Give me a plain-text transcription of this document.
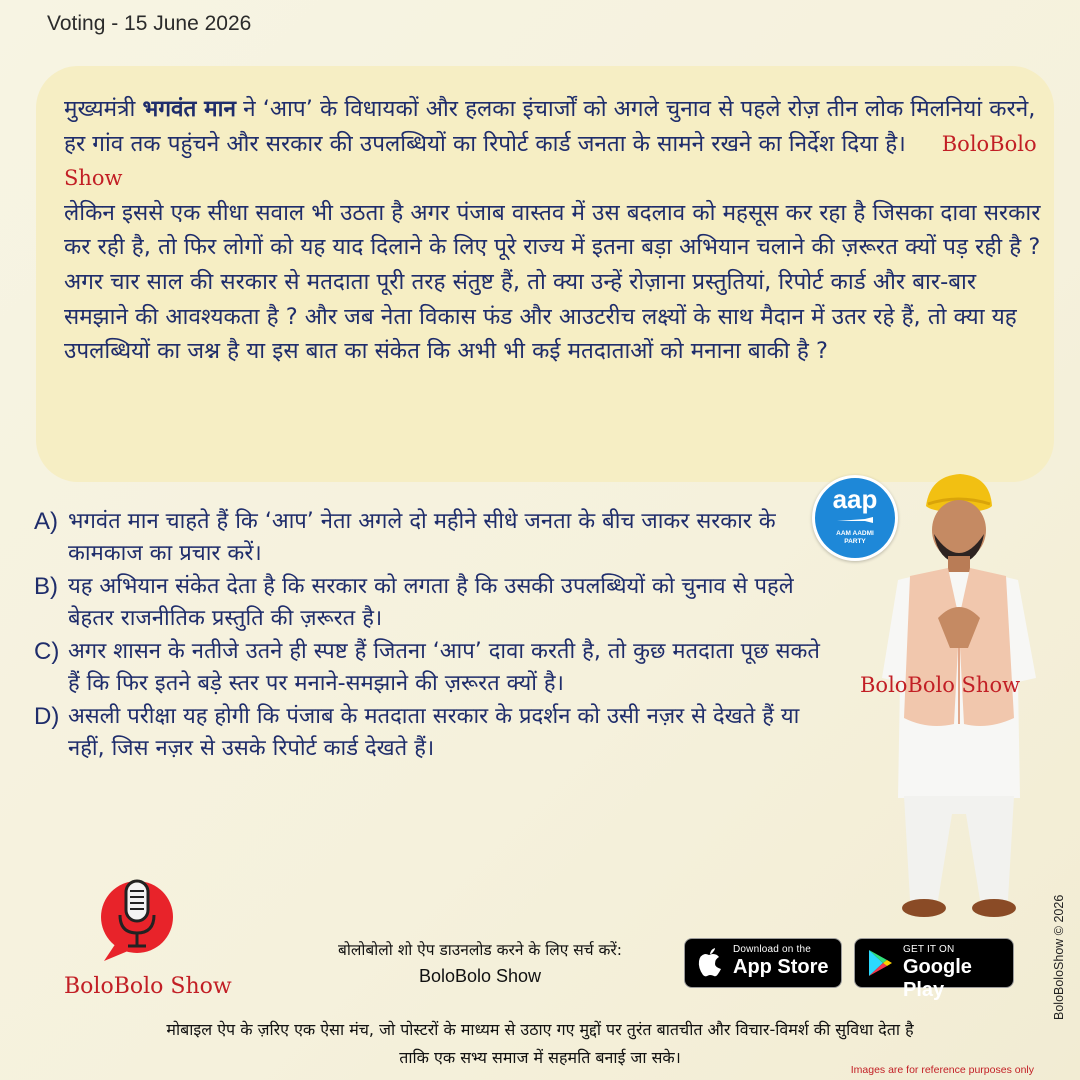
Voting - 15 June 2026

मुख्यमंत्री भगवंत मान ने ‘आप’ के विधायकों और हलका इंचार्जों को अगले चुनाव से पहले रोज़ तीन लोक मिलनियां करने, हर गांव तक पहुंचने और सरकार की उपलब्धियों का रिपोर्ट कार्ड जनता के सामने रखने का निर्देश दिया है। BoloBolo Show

लेकिन इससे एक सीधा सवाल भी उठता है अगर पंजाब वास्तव में उस बदलाव को महसूस कर रहा है जिसका दावा सरकार कर रही है, तो फिर लोगों को यह याद दिलाने के लिए पूरे राज्य में इतना बड़ा अभियान चलाने की ज़रूरत क्यों पड़ रही है ? अगर चार साल की सरकार से मतदाता पूरी तरह संतुष्ट हैं, तो क्या उन्हें रोज़ाना प्रस्तुतियां, रिपोर्ट कार्ड और बार-बार समझाने की आवश्यकता है ? और जब नेता विकास फंड और आउटरीच लक्ष्यों के साथ मैदान में उतर रहे हैं, तो क्या यह उपलब्धियों का जश्न है या इस बात का संकेत कि अभी भी कई मतदाताओं को मनाना बाकी है ?

A) भगवंत मान चाहते हैं कि ‘आप’ नेता अगले दो महीने सीधे जनता के बीच जाकर सरकार के कामकाज का प्रचार करें।
B) यह अभियान संकेत देता है कि सरकार को लगता है कि उसकी उपलब्धियों को चुनाव से पहले बेहतर राजनीतिक प्रस्तुति की ज़रूरत है।
C) अगर शासन के नतीजे उतने ही स्पष्ट हैं जितना ‘आप’ दावा करती है, तो कुछ मतदाता पूछ सकते हैं कि फिर इतने बड़े स्तर पर मनाने-समझाने की ज़रूरत क्यों है।
D) असली परीक्षा यह होगी कि पंजाब के मतदाता सरकार के प्रदर्शन को उसी नज़र से देखते हैं या नहीं, जिस नज़र से उसके रिपोर्ट कार्ड देखते हैं।
aap
AAM AADMI
PARTY
BoloBolo Show
BoloBolo Show
बोलोबोलो शो ऐप डाउनलोड करने के लिए सर्च करें:
BoloBolo Show
Download on the
App Store
GET IT ON
Google Play
मोबाइल ऐप के ज़रिए एक ऐसा मंच, जो पोस्टरों के माध्यम से उठाए गए मुद्दों पर तुरंत बातचीत और विचार-विमर्श की सुविधा देता है
ताकि एक सभ्य समाज में सहमति बनाई जा सके।
BoloBoloShow © 2026
Images are for reference purposes only
